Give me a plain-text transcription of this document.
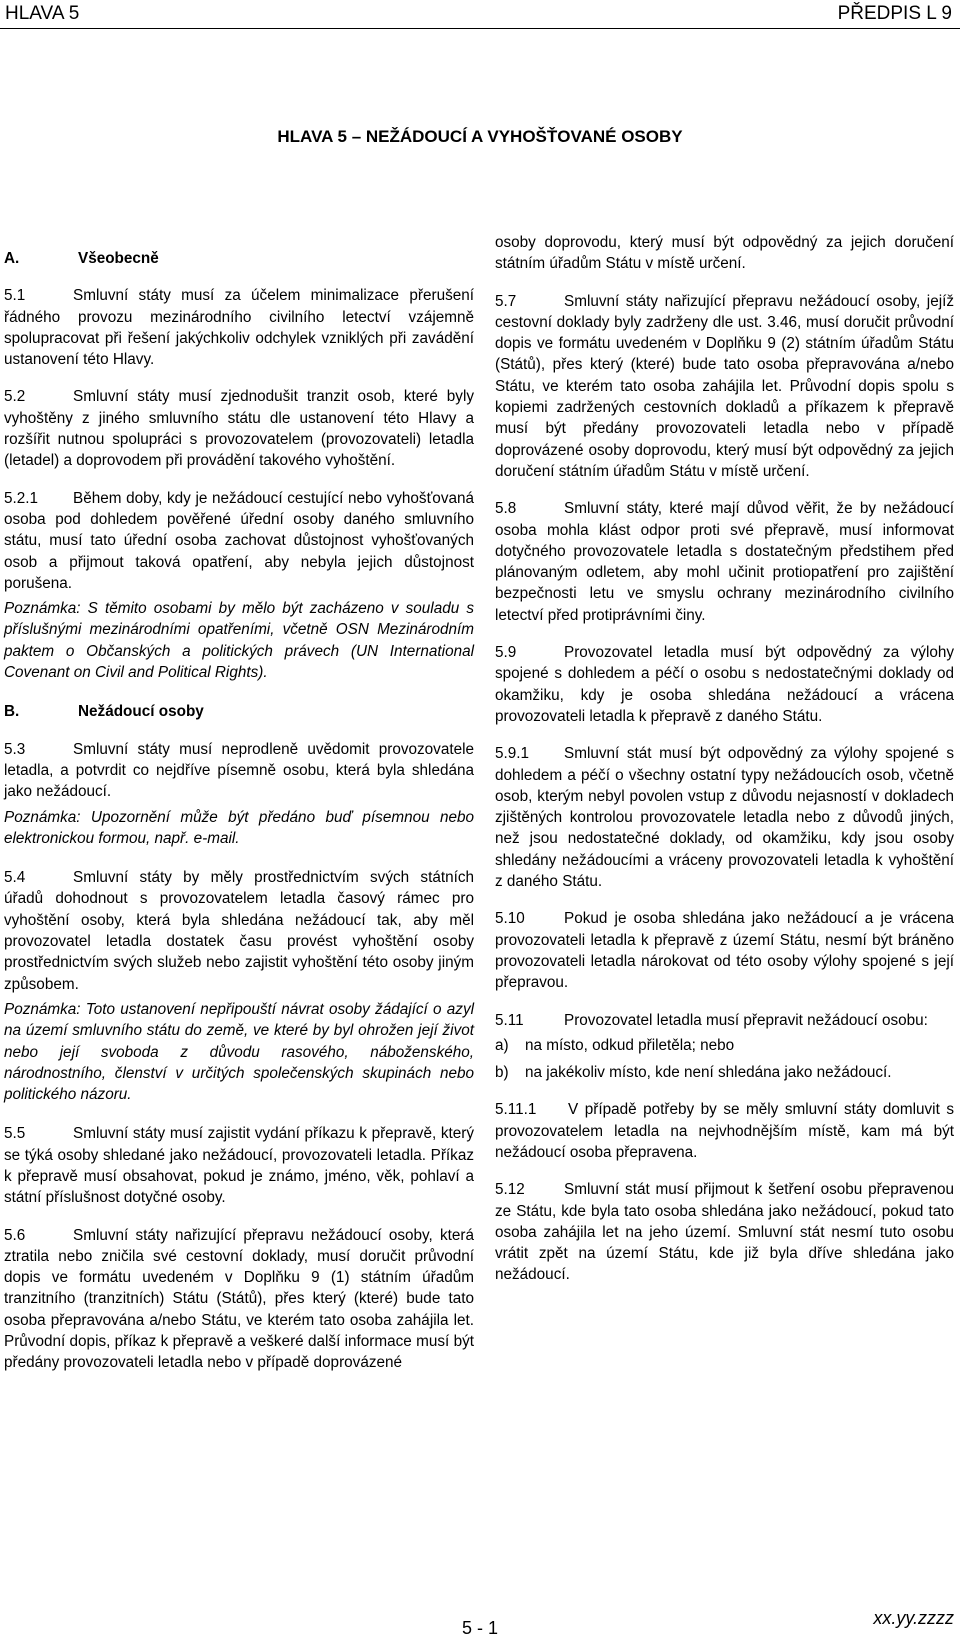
HLAVA 5	PŘEDPIS L 9
HLAVA 5 – NEŽÁDOUCÍ A VYHOŠŤOVANÉ OSOBY

A.	Všeobecně

5.1	Smluvní státy musí za účelem minimalizace přerušení řádného provozu mezinárodního civilního letectví vzájemně spolupracovat při řešení jakýchkoliv odchylek vzniklých při zavádění ustanovení této Hlavy.

5.2	Smluvní státy musí zjednodušit tranzit osob, které byly vyhoštěny z jiného smluvního státu dle ustanovení této Hlavy a rozšířit nutnou spolupráci s provozovatelem (provozovateli) letadla (letadel) a doprovodem při provádění takového vyhoštění.

5.2.1 Během doby, kdy je nežádoucí cestující nebo vyhošťovaná osoba pod dohledem pověřené úřední osoby daného smluvního státu, musí tato úřední osoba zachovat důstojnost vyhošťovaných osob a přijmout taková opatření, aby nebyla jejich důstojnost porušena.

Poznámka: S těmito osobami by mělo být zacházeno v souladu s příslušnými mezinárodními opatřeními, včetně OSN Mezinárodním paktem o Občanských a politických právech (UN International Covenant on Civil and Political Rights).

B.	Nežádoucí osoby

5.3	Smluvní státy musí neprodleně uvědomit provozovatele letadla, a potvrdit co nejdříve písemně osobu, která byla shledána jako nežádoucí.

Poznámka: Upozornění může být předáno buď písemnou nebo elektronickou formou, např. e-mail.

5.4	Smluvní státy by měly prostřednictvím svých státních úřadů dohodnout s provozovatelem letadla časový rámec pro vyhoštění osoby, která byla shledána nežádoucí tak, aby měl provozovatel letadla dostatek času provést vyhoštění osoby prostřednictvím svých služeb nebo zajistit vyhoštění této osoby jiným způsobem.

Poznámka: Toto ustanovení nepřipouští návrat osoby žádající o azyl na území smluvního státu do země, ve které by byl ohrožen její život nebo její svoboda z důvodu rasového, náboženského, národnostního, členství v určitých společenských skupinách nebo politického názoru.

5.5	Smluvní státy musí zajistit vydání příkazu k přepravě, který se týká osoby shledané jako nežádoucí, provozovateli letadla. Příkaz k přepravě musí obsahovat, pokud je známo, jméno, věk, pohlaví a státní příslušnost dotyčné osoby.

5.6	Smluvní státy nařizující přepravu nežádoucí osoby, která ztratila nebo zničila své cestovní doklady, musí doručit průvodní dopis ve formátu uvedeném v Doplňku 9 (1) státním úřadům tranzitního (tranzitních) Státu (Států), přes který (které) bude tato osoba přepravována a/nebo Státu, ve kterém tato osoba zahájila let. Průvodní dopis, příkaz k přepravě a veškeré další informace musí být předány provozovateli letadla nebo v případě doprovázené

osoby doprovodu, který musí být odpovědný za jejich doručení státním úřadům Státu v místě určení.

5.7	Smluvní státy nařizující přepravu nežádoucí osoby, jejíž cestovní doklady byly zadrženy dle ust. 3.46, musí doručit průvodní dopis ve formátu uvedeném v Doplňku 9 (2) státním úřadům Státu (Států), přes který (které) bude tato osoba přepravována a/nebo Státu, ve kterém tato osoba zahájila let. Průvodní dopis spolu s kopiemi zadržených cestovních dokladů a příkazem k přepravě musí být předány provozovateli letadla nebo v případě doprovázené osoby doprovodu, který musí být odpovědný za jejich doručení státním úřadům Státu v místě určení.

5.8	Smluvní státy, které mají důvod věřit, že by nežádoucí osoba mohla klást odpor proti své přepravě, musí informovat dotyčného provozovatele letadla s dostatečným předstihem před plánovaným odletem, aby mohl učinit protiopatření pro zajištění bezpečnosti letu ve smyslu ochrany mezinárodního civilního letectví před protiprávními činy.

5.9	Provozovatel letadla musí být odpovědný za výlohy spojené s dohledem a péčí o osobu s nedostatečnými doklady od okamžiku, kdy je osoba shledána nežádoucí a vrácena provozovateli letadla k přepravě z daného Státu.

5.9.1 Smluvní stát musí být odpovědný za výlohy spojené s dohledem a péčí o všechny ostatní typy nežádoucích osob, včetně osob, kterým nebyl povolen vstup z důvodu nejasností v dokladech zjištěných kontrolou provozovatele letadla nebo z důvodů jiných, než jsou nedostatečné doklady, od okamžiku, kdy jsou osoby shledány nežádoucími a vráceny provozovateli letadla k vyhoštění z daného Státu.

5.10	Pokud je osoba shledána jako nežádoucí a je vrácena provozovateli letadla k přepravě z území Státu, nesmí být bráněno provozovateli letadla nárokovat od této osoby výlohy spojené s její přepravou.

5.11	Provozovatel letadla musí přepravit nežádoucí osobu:

a) na místo, odkud přiletěla; nebo

b) na jakékoliv místo, kde není shledána jako nežádoucí.

5.11.1 V případě potřeby by se měly smluvní státy domluvit s provozovatelem letadla na nejvhodnějším místě, kam má být nežádoucí osoba přepravena.

5.12	Smluvní stát musí přijmout k šetření osobu přepravenou ze Státu, kde byla tato osoba shledána jako nežádoucí, pokud tato osoba zahájila let na jeho území. Smluvní stát nesmí tuto osobu vrátit zpět na území Státu, kde již byla dříve shledána jako nežádoucí.

xx.yy.zzzz
5 - 1
